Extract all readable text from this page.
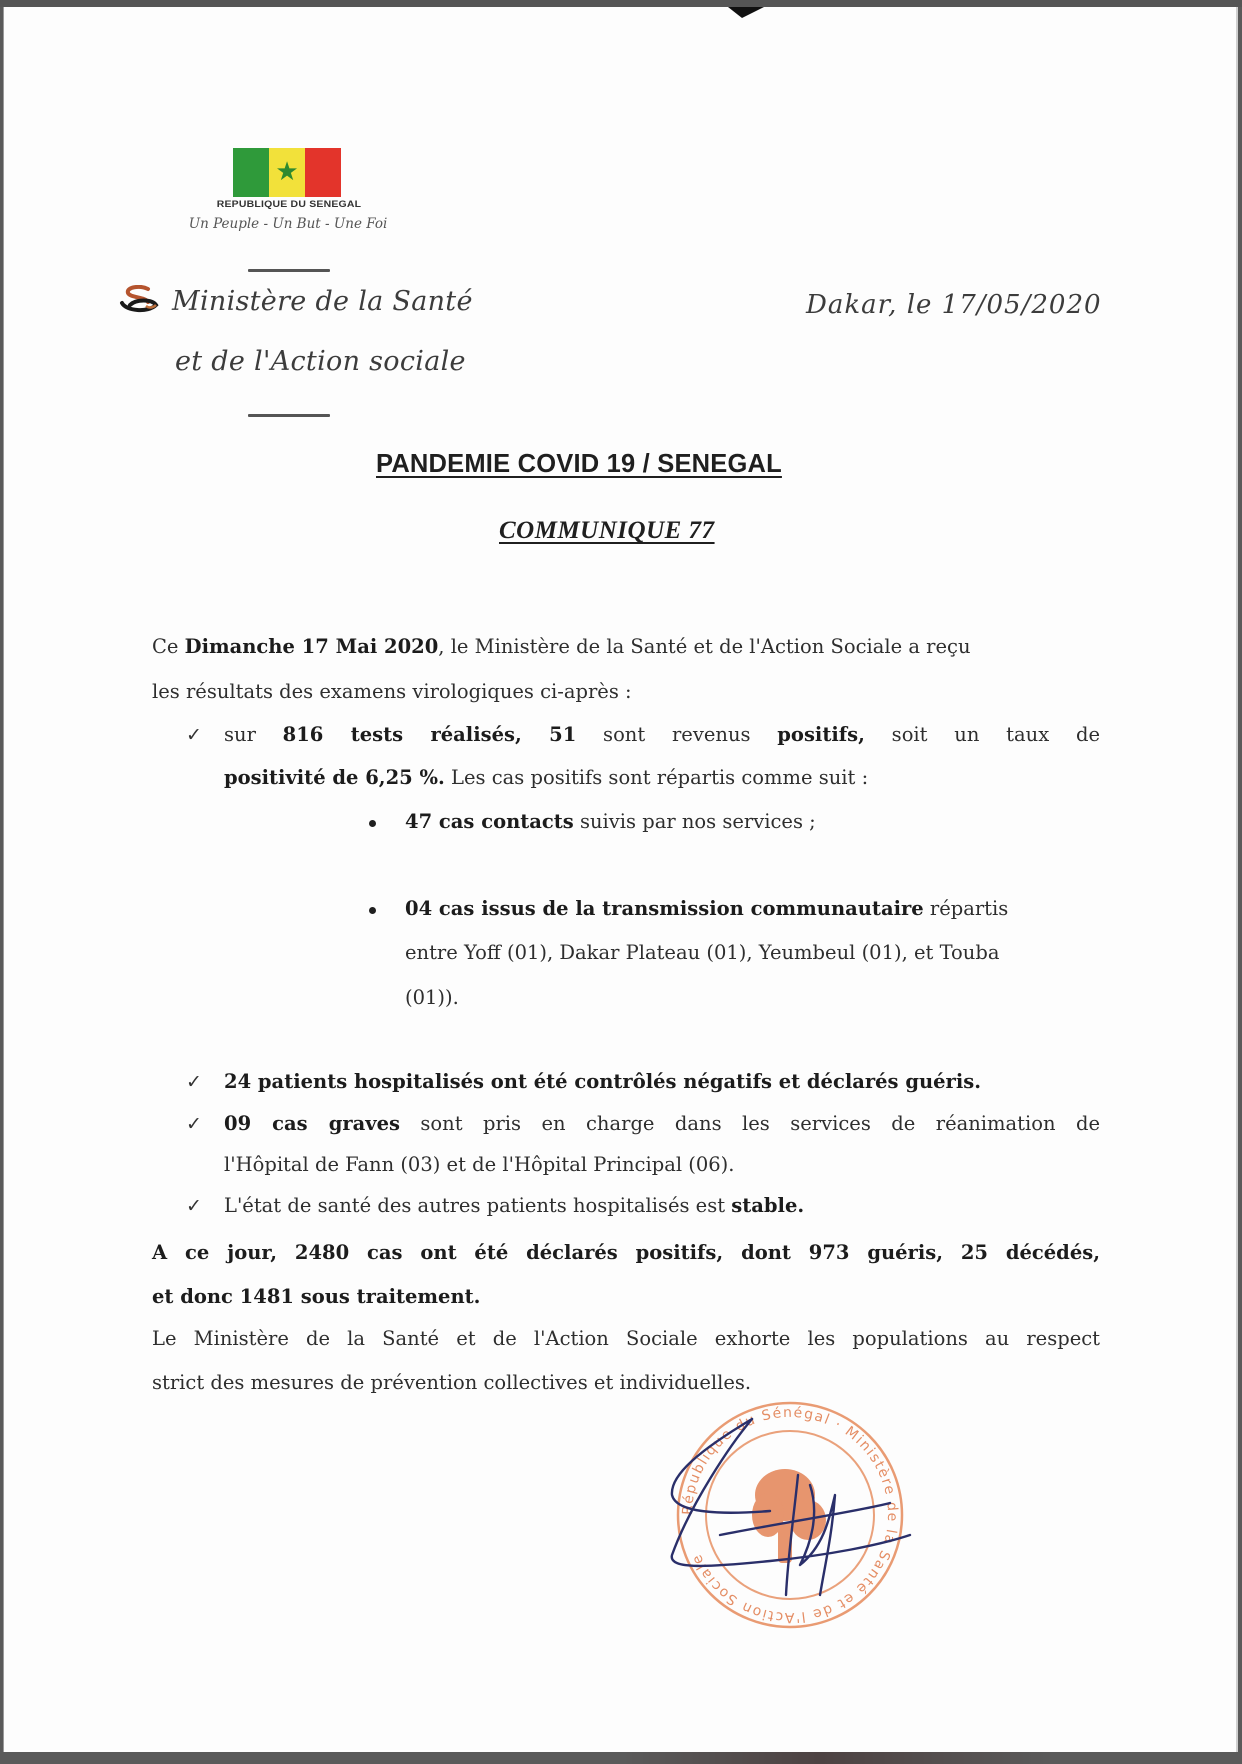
★
REPUBLIQUE DU SENEGAL
Un Peuple - Un But - Une Foi
Ministère de la Santé
et de l'Action sociale
Dakar, le 17/05/2020
PANDEMIE COVID 19 / SENEGAL
COMMUNIQUE 77
Ce Dimanche 17 Mai 2020, le Ministère de la Santé et de l'Action Sociale a reçu
les résultats des examens virologiques ci-après :
✓ sur 816 tests réalisés, 51 sont revenus positifs, soit un taux de
positivité de 6,25 %. Les cas positifs sont répartis comme suit :
47 cas contacts suivis par nos services ;
04 cas issus de la transmission communautaire répartis
entre Yoff (01), Dakar Plateau (01), Yeumbeul (01), et Touba
(01)).
✓ 24 patients hospitalisés ont été contrôlés négatifs et déclarés guéris.
✓ 09 cas graves sont pris en charge dans les services de réanimation de
l'Hôpital de Fann (03) et de l'Hôpital Principal (06).
✓ L'état de santé des autres patients hospitalisés est stable.
A ce jour, 2480 cas ont été déclarés positifs, dont 973 guéris, 25 décédés,
et donc 1481 sous traitement.
Le Ministère de la Santé et de l'Action Sociale exhorte les populations au respect
strict des mesures de prévention collectives et individuelles.
République du Sénégal · Ministère de la Santé et de l'Action Sociale
